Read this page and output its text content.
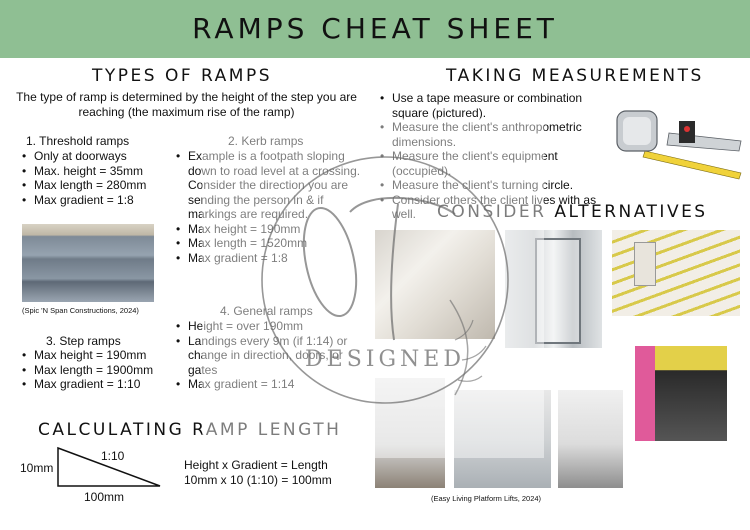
RAMPS CHEAT SHEET
TYPES OF RAMPS
The type of ramp is determined by the height of the step you are reaching (the maximum rise of the ramp)
1. Threshold ramps
• Only at doorways
• Max. height = 35mm
• Max length = 280mm
• Max gradient = 1:8
(Spic 'N Span Constructions, 2024)
2. Kerb ramps
• Example is a footpath sloping down to road level at a crossing. Consider the direction you are sending the person in & if markings are required.
• Max height = 190mm
• Max length = 1520mm
• Max gradient = 1:8
3. Step ramps
• Max height = 190mm
• Max length = 1900mm
• Max gradient = 1:10
4. General ramps
• Height = over 190mm
• Landings every 9m (if 1:14) or change in direction, doors, or gates
• Max gradient = 1:14
TAKING MEASUREMENTS
• Use a tape measure or combination square (pictured).
• Measure the client's anthropometric dimensions.
• Measure the client's equipment (occupied).
• Measure the client's turning circle.
• Consider others the client lives with as well.	CONSIDER ALTERNATIVES
(Easy Living Platform Lifts, 2024)
CALCULATING RAMP LENGTH
1:10
10mm
100mm
Height x Gradient = Length
10mm x 10 (1:10) = 100mm
DESIGNED
